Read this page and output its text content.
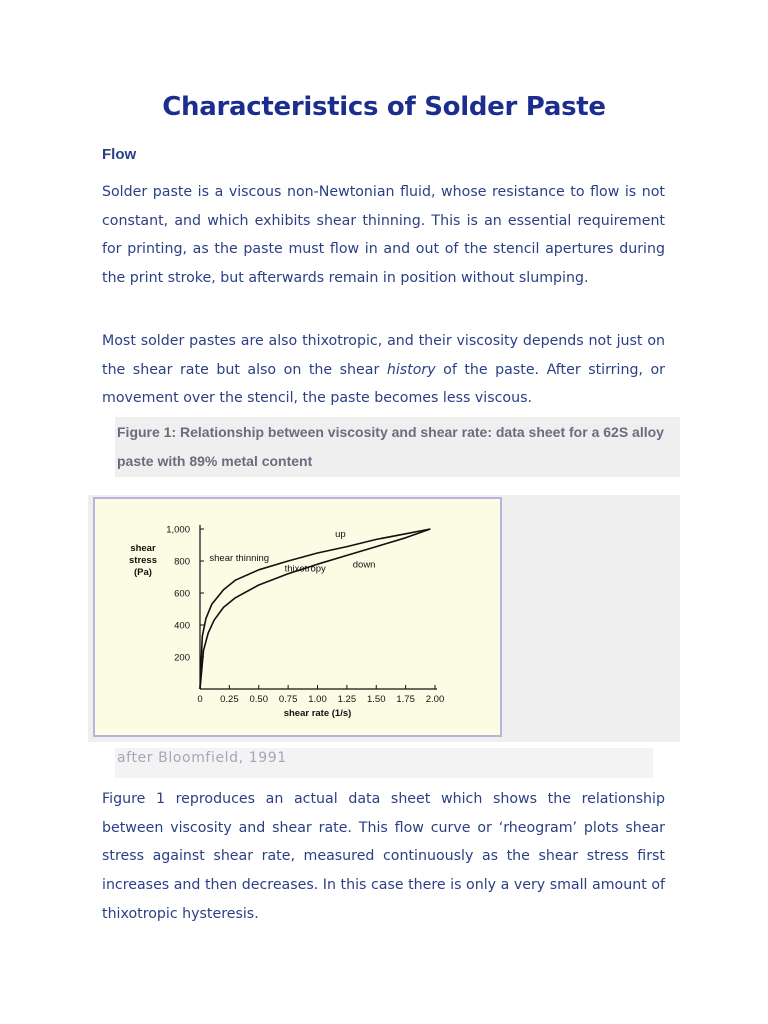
Characteristics of Solder Paste
Flow

Solder paste is a viscous non-Newtonian fluid, whose resistance to flow is not constant, and which exhibits shear thinning. This is an essential requirement for printing, as the paste must flow in and out of the stencil apertures during the print stroke, but afterwards remain in position without slumping.

Most solder pastes are also thixotropic, and their viscosity depends not just on the shear rate but also on the shear history of the paste. After stirring, or movement over the stencil, the paste becomes less viscous.

Figure 1: Relationship between viscosity and shear rate: data sheet for a 62S alloy paste with 89% metal content

200
400
600
800
1,000
0 0.25 0.50 0.75 1.00 1.25 1.50 1.75 2.00
shear rate (1/s)
shear
stress
(Pa)
shear thinning
thixotropy
up
down
after Bloomfield, 1991

Figure 1 reproduces an actual data sheet which shows the relationship between viscosity and shear rate. This flow curve or ‘rheogram’ plots shear stress against shear rate, measured continuously as the shear stress first increases and then decreases. In this case there is only a very small amount of thixotropic hysteresis.
